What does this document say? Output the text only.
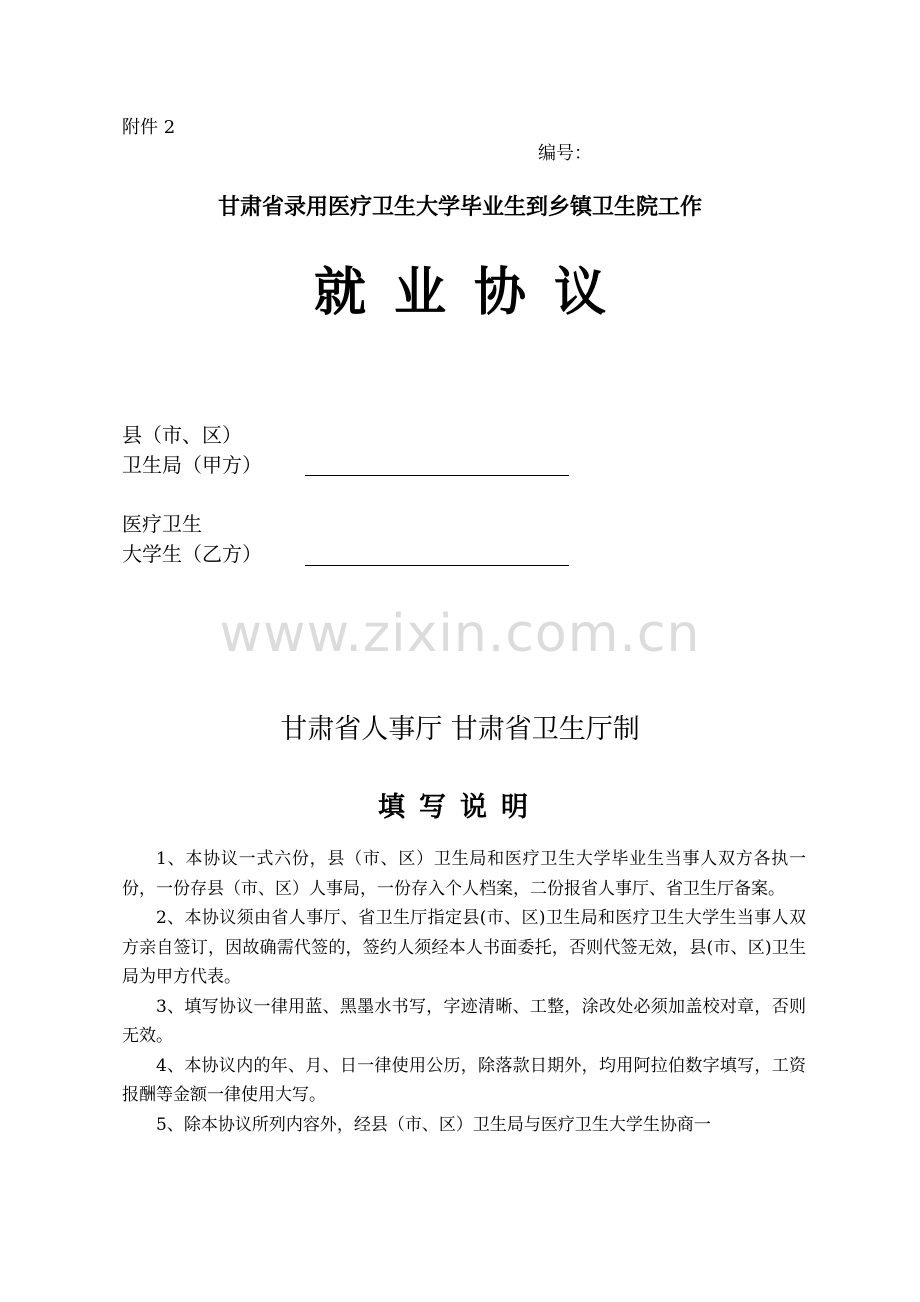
附件 2
编号：
甘肃省录用医疗卫生大学毕业生到乡镇卫生院工作
就业协议
县（市、区）
卫生局（甲方）
医疗卫生
大学生（乙方）
www.zixin.com.cn
甘肃省人事厅 甘肃省卫生厅制
填写说明

1、本协议一式六份，县（市、区）卫生局和医疗卫生大学毕业生当事人双方各执一份，一份存县（市、区）人事局，一份存入个人档案，二份报省人事厅、省卫生厅备案。

2、本协议须由省人事厅、省卫生厅指定县(市、区)卫生局和医疗卫生大学生当事人双方亲自签订，因故确需代签的，签约人须经本人书面委托，否则代签无效，县(市、区)卫生局为甲方代表。

3、填写协议一律用蓝、黑墨水书写，字迹清晰、工整，涂改处必须加盖校对章，否则无效。

4、本协议内的年、月、日一律使用公历，除落款日期外，均用阿拉伯数字填写，工资报酬等金额一律使用大写。

5、除本协议所列内容外，经县（市、区）卫生局与医疗卫生大学生协商一
